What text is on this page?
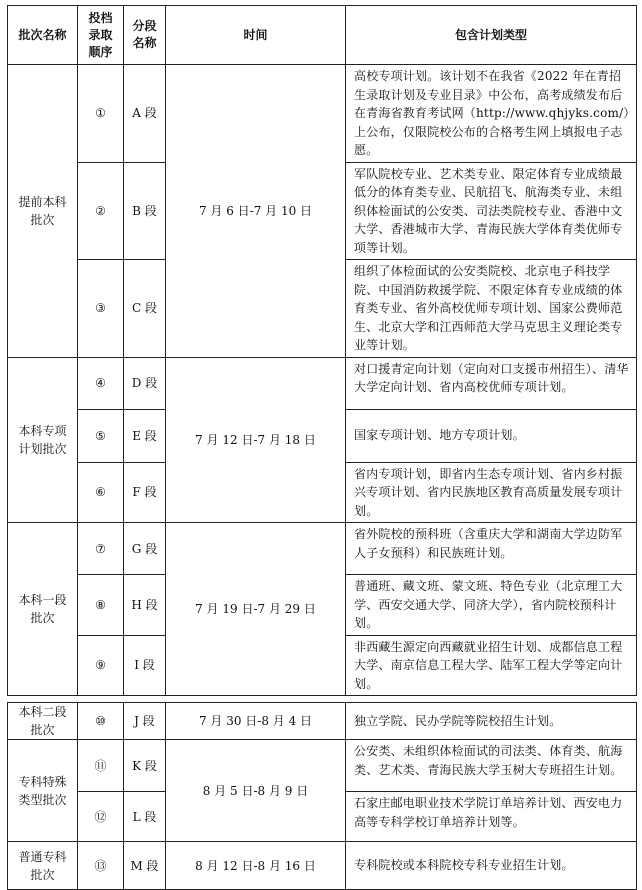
批次名称	投档
录取
顺序	分段
名称	时间	包含计划类型
提前本科
批次	①	A 段	7 月 6 日-7 月 10 日	高校专项计划。该计划不在我省《2022 年在青招生录取计划及专业目录》中公布，高考成绩发布后在青海省教育考试网（http://www.qhjyks.com/）上公布，仅限院校公布的合格考生网上填报电子志愿。
	②	B 段		军队院校专业、艺术类专业、限定体育专业成绩最低分的体育类专业、民航招飞、航海类专业、未组织体检面试的公安类、司法类院校专业、香港中文大学、香港城市大学、青海民族大学体育类优师专项等计划。
	③	C 段		组织了体检面试的公安类院校、北京电子科技学院、中国消防救援学院、不限定体育专业成绩的体育类专业、省外高校优师专项计划、国家公费师范生、北京大学和江西师范大学马克思主义理论类专业等计划。
本科专项
计划批次	④	D 段	7 月 12 日-7 月 18 日	对口援青定向计划（定向对口支援市州招生）、清华大学定向计划、省内高校优师专项计划。
	⑤	E 段		国家专项计划、地方专项计划。
	⑥	F 段		省内专项计划，即省内生态专项计划、省内乡村振兴专项计划、省内民族地区教育高质量发展专项计划。
本科一段
批次	⑦	G 段	7 月 19 日-7 月 29 日	省外院校的预科班（含重庆大学和湖南大学边防军人子女预科）和民族班计划。
	⑧	H 段		普通班、藏文班、蒙文班、特色专业（北京理工大学、西安交通大学、同济大学），省内院校预科计划。
	⑨	I 段		非西藏生源定向西藏就业招生计划、成都信息工程大学、南京信息工程大学、陆军工程大学等定向计划。

本科二段
批次	⑩	J 段	7 月 30 日-8 月 4 日	独立学院、民办学院等院校招生计划。
专科特殊
类型批次	⑪	K 段	8 月 5 日-8 月 9 日	公安类、未组织体检面试的司法类、体育类、航海类、艺术类、青海民族大学玉树大专班招生计划。
	⑫	L 段		石家庄邮电职业技术学院订单培养计划、西安电力高等专科学校订单培养计划等。
普通专科
批次	⑬	M 段	8 月 12 日-8 月 16 日	专科院校或本科院校专科专业招生计划。
